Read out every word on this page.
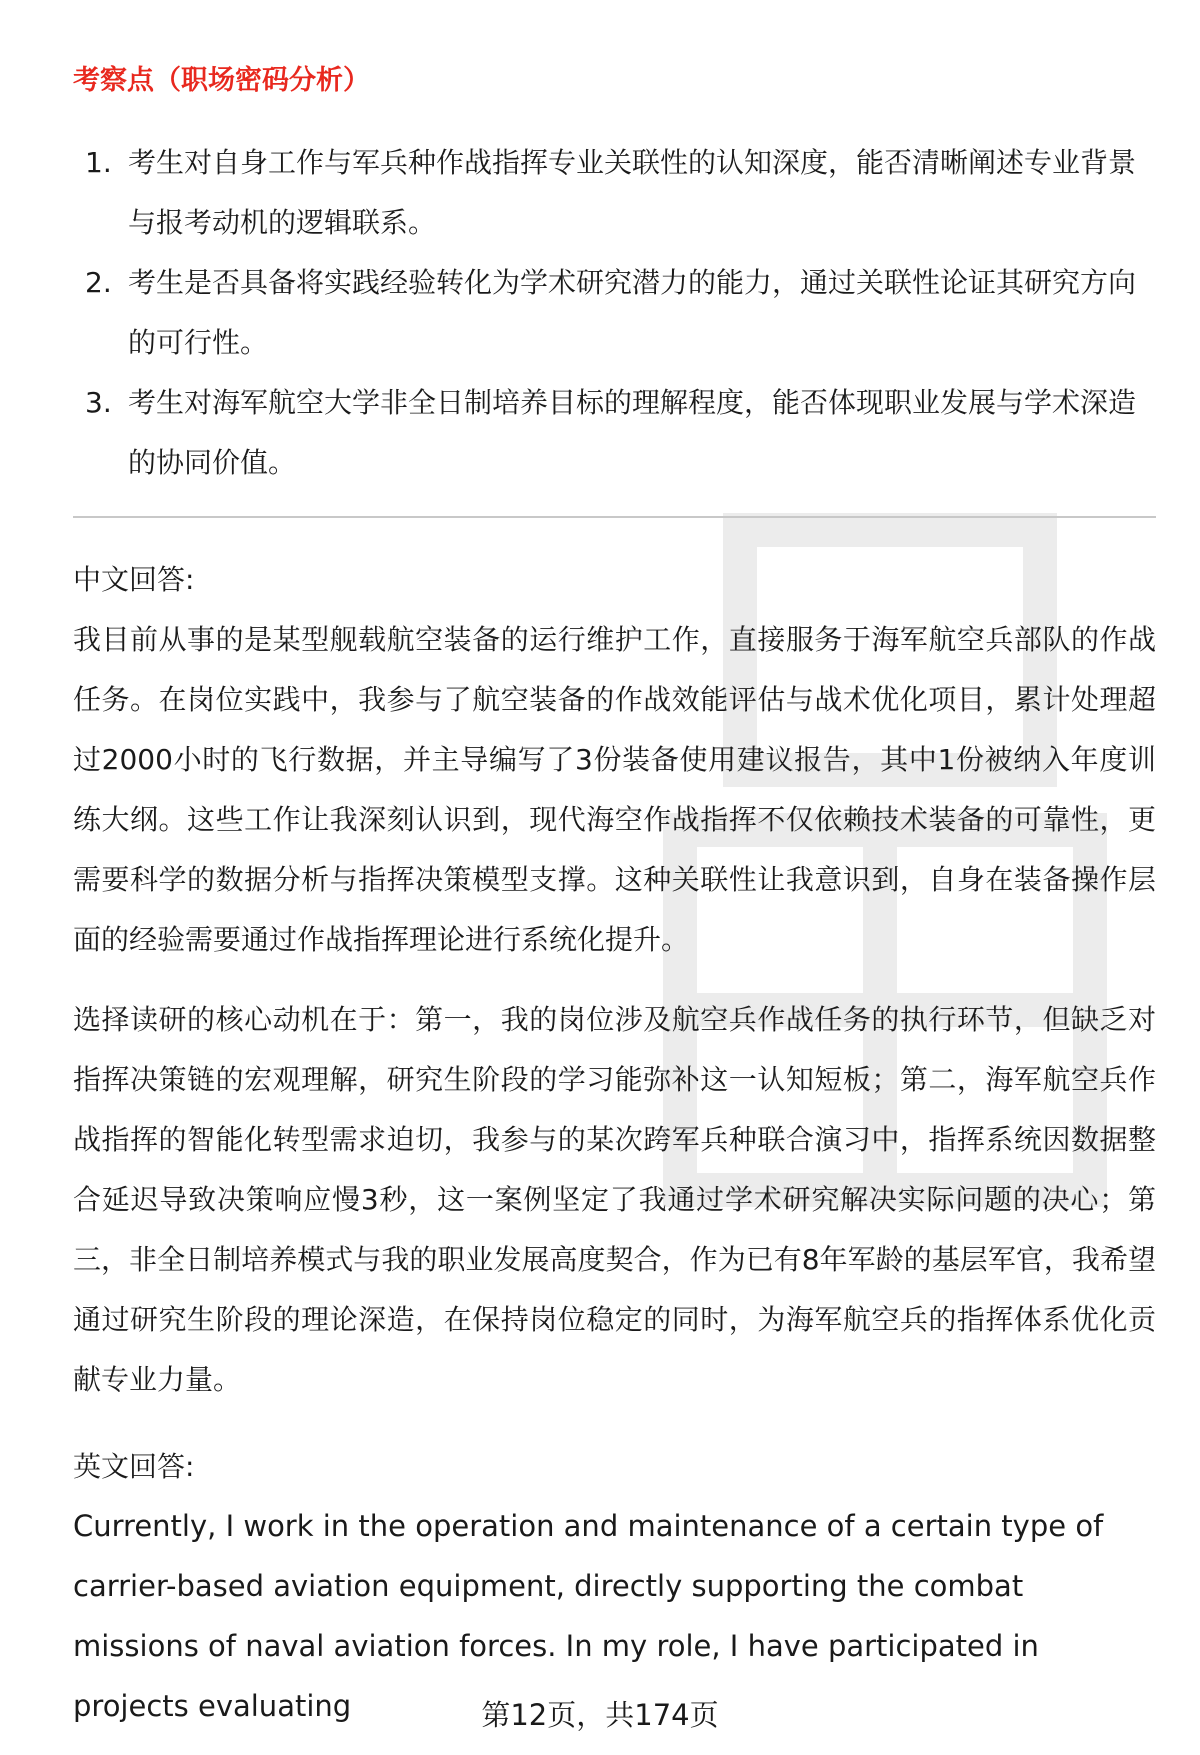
考察点（职场密码分析）
1. 考生对自身工作与军兵种作战指挥专业关联性的认知深度，能否清晰阐述专业背景与报考动机的逻辑联系。
2. 考生是否具备将实践经验转化为学术研究潜力的能力，通过关联性论证其研究方向的可行性。
3. 考生对海军航空大学非全日制培养目标的理解程度，能否体现职业发展与学术深造的协同价值。
中文回答:

我目前从事的是某型舰载航空装备的运行维护工作，直接服务于海军航空兵部队的作战任务。在岗位实践中，我参与了航空装备的作战效能评估与战术优化项目，累计处理超过2000小时的飞行数据，并主导编写了3份装备使用建议报告，其中1份被纳入年度训练大纲。这些工作让我深刻认识到，现代海空作战指挥不仅依赖技术装备的可靠性，更需要科学的数据分析与指挥决策模型支撑。这种关联性让我意识到，自身在装备操作层面的经验需要通过作战指挥理论进行系统化提升。

选择读研的核心动机在于：第一，我的岗位涉及航空兵作战任务的执行环节，但缺乏对指挥决策链的宏观理解，研究生阶段的学习能弥补这一认知短板；第二，海军航空兵作战指挥的智能化转型需求迫切，我参与的某次跨军兵种联合演习中，指挥系统因数据整合延迟导致决策响应慢3秒，这一案例坚定了我通过学术研究解决实际问题的决心；第三，非全日制培养模式与我的职业发展高度契合，作为已有8年军龄的基层军官，我希望通过研究生阶段的理论深造，在保持岗位稳定的同时，为海军航空兵的指挥体系优化贡献专业力量。

英文回答:

Currently, I work in the operation and maintenance of a certain type of carrier-based aviation equipment, directly supporting the combat missions of naval aviation forces. In my role, I have participated in projects evaluating	第12页，共174页
